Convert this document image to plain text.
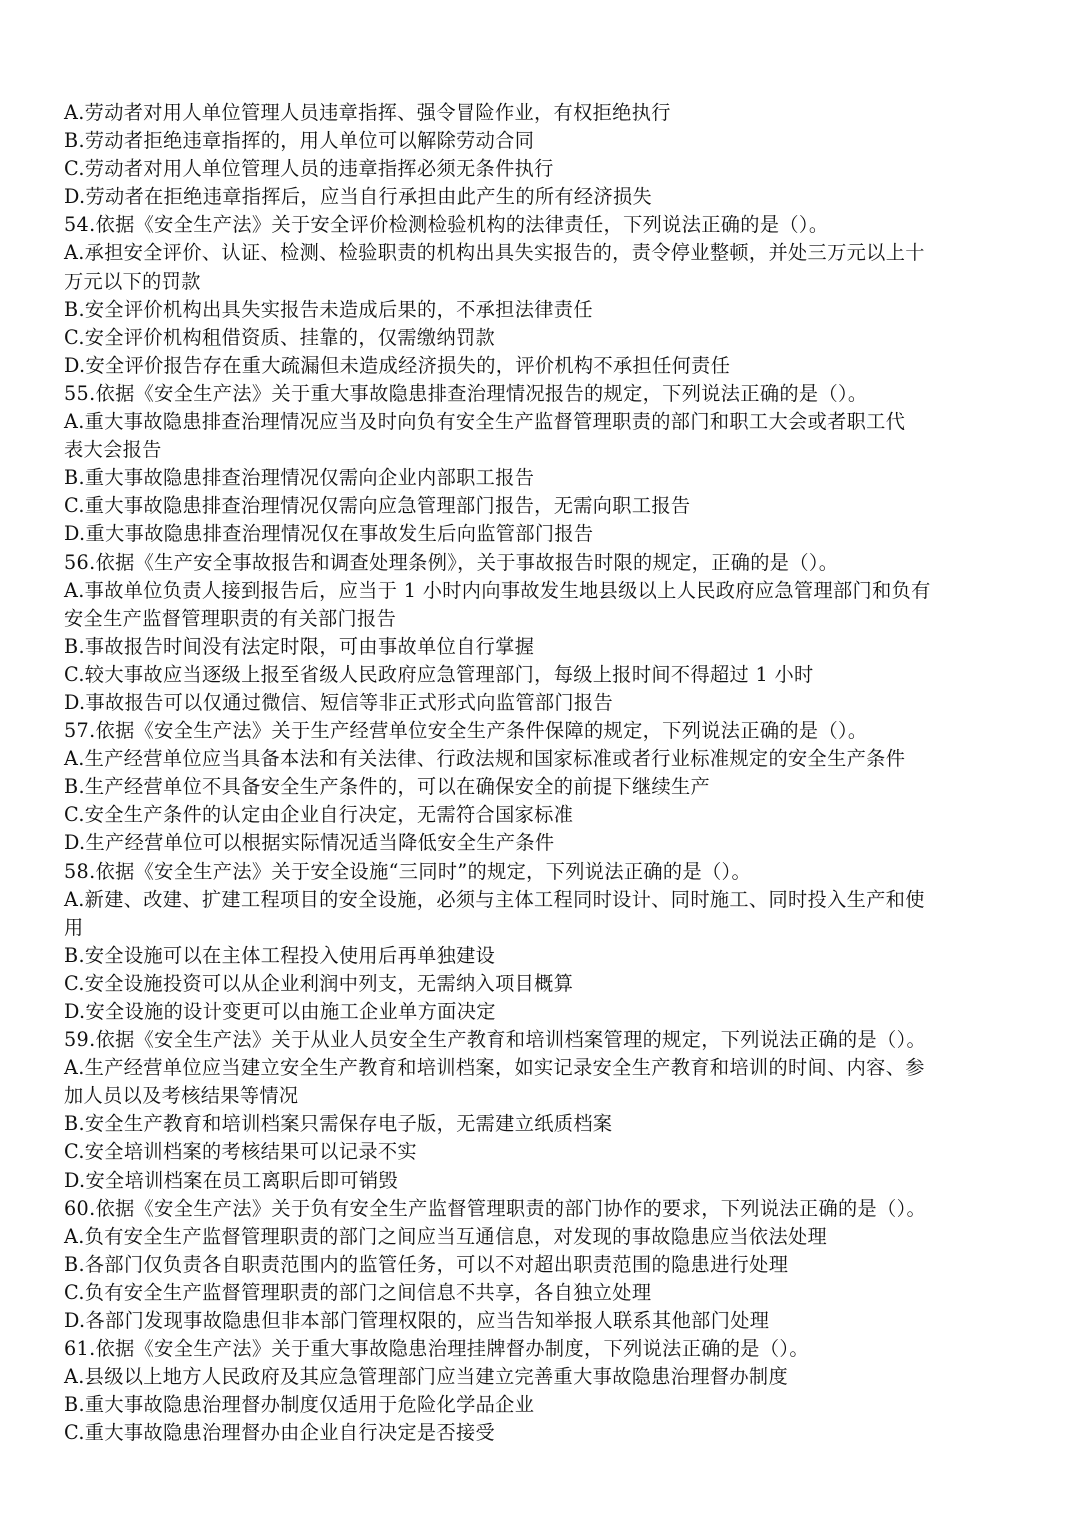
A.劳动者对用人单位管理人员违章指挥、强令冒险作业，有权拒绝执行
B.劳动者拒绝违章指挥的，用人单位可以解除劳动合同
C.劳动者对用人单位管理人员的违章指挥必须无条件执行
D.劳动者在拒绝违章指挥后，应当自行承担由此产生的所有经济损失
54.依据《安全生产法》关于安全评价检测检验机构的法律责任，下列说法正确的是（）。
A.承担安全评价、认证、检测、检验职责的机构出具失实报告的，责令停业整顿，并处三万元以上十
万元以下的罚款
B.安全评价机构出具失实报告未造成后果的，不承担法律责任
C.安全评价机构租借资质、挂靠的，仅需缴纳罚款
D.安全评价报告存在重大疏漏但未造成经济损失的，评价机构不承担任何责任
55.依据《安全生产法》关于重大事故隐患排查治理情况报告的规定，下列说法正确的是（）。
A.重大事故隐患排查治理情况应当及时向负有安全生产监督管理职责的部门和职工大会或者职工代
表大会报告
B.重大事故隐患排查治理情况仅需向企业内部职工报告
C.重大事故隐患排查治理情况仅需向应急管理部门报告，无需向职工报告
D.重大事故隐患排查治理情况仅在事故发生后向监管部门报告
56.依据《生产安全事故报告和调查处理条例》，关于事故报告时限的规定，正确的是（）。
A.事故单位负责人接到报告后，应当于 1 小时内向事故发生地县级以上人民政府应急管理部门和负有
安全生产监督管理职责的有关部门报告
B.事故报告时间没有法定时限，可由事故单位自行掌握
C.较大事故应当逐级上报至省级人民政府应急管理部门，每级上报时间不得超过 1 小时
D.事故报告可以仅通过微信、短信等非正式形式向监管部门报告
57.依据《安全生产法》关于生产经营单位安全生产条件保障的规定，下列说法正确的是（）。
A.生产经营单位应当具备本法和有关法律、行政法规和国家标准或者行业标准规定的安全生产条件
B.生产经营单位不具备安全生产条件的，可以在确保安全的前提下继续生产
C.安全生产条件的认定由企业自行决定，无需符合国家标准
D.生产经营单位可以根据实际情况适当降低安全生产条件
58.依据《安全生产法》关于安全设施“三同时”的规定，下列说法正确的是（）。
A.新建、改建、扩建工程项目的安全设施，必须与主体工程同时设计、同时施工、同时投入生产和使
用
B.安全设施可以在主体工程投入使用后再单独建设
C.安全设施投资可以从企业利润中列支，无需纳入项目概算
D.安全设施的设计变更可以由施工企业单方面决定
59.依据《安全生产法》关于从业人员安全生产教育和培训档案管理的规定，下列说法正确的是（）。
A.生产经营单位应当建立安全生产教育和培训档案，如实记录安全生产教育和培训的时间、内容、参
加人员以及考核结果等情况
B.安全生产教育和培训档案只需保存电子版，无需建立纸质档案
C.安全培训档案的考核结果可以记录不实
D.安全培训档案在员工离职后即可销毁
60.依据《安全生产法》关于负有安全生产监督管理职责的部门协作的要求，下列说法正确的是（）。
A.负有安全生产监督管理职责的部门之间应当互通信息，对发现的事故隐患应当依法处理
B.各部门仅负责各自职责范围内的监管任务，可以不对超出职责范围的隐患进行处理
C.负有安全生产监督管理职责的部门之间信息不共享，各自独立处理
D.各部门发现事故隐患但非本部门管理权限的，应当告知举报人联系其他部门处理
61.依据《安全生产法》关于重大事故隐患治理挂牌督办制度，下列说法正确的是（）。
A.县级以上地方人民政府及其应急管理部门应当建立完善重大事故隐患治理督办制度
B.重大事故隐患治理督办制度仅适用于危险化学品企业
C.重大事故隐患治理督办由企业自行决定是否接受
